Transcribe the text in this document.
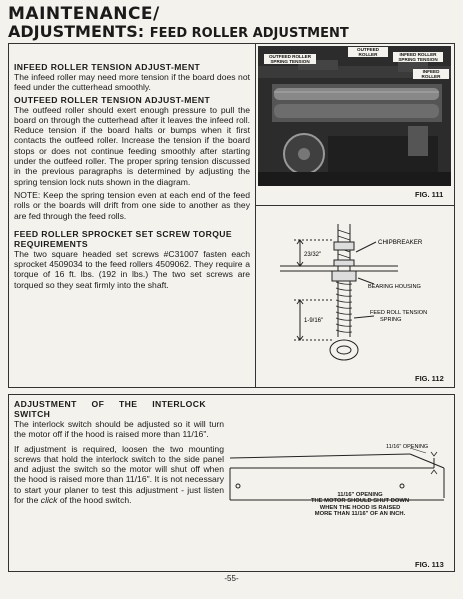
MAINTENANCE/
ADJUSTMENTS: FEED ROLLER ADJUSTMENT
INFEED ROLLER TENSION ADJUST-MENT

The infeed roller may need more tension if the board does not feed under the cutterhead smoothly.

OUTFEED ROLLER TENSION ADJUST-MENT

The outfeed roller should exert enough pressure to pull the board on through the cutterhead after it leaves the infeed roll. Reduce tension if the board halts or bumps when it first contacts the outfeed roller. Increase the tension if the board stops or does not continue feeding smoothly after starting under the outfeed roller. The proper spring tension discussed in the previous paragraphs is determined by adjusting the spring tension lock nuts shown in the diagram.

NOTE: Keep the spring tension even at each end of the feed rolls or the boards will drift from one side to another as they are fed through the feed rolls.

FEED ROLLER SPROCKET SET SCREW TORQUE REQUIREMENTS

The two square headed set screws #C31007 fasten each sprocket 4509034 to the feed rollers 4509062. They require a torque of 16 ft. lbs. (192 in lbs.) The two set screws are torqued so they seat firmly into the shaft.

OUTFEED ROLLER
OUTFEED ROLLER SPRING TENSION
INFEED ROLLER SPRING TENSION
INFEED ROLLER
FIG. 111
23/32"
CHIPBREAKER
BEARING HOUSING
1-9/16"
FEED ROLL TENSION
SPRING
FIG. 112
ADJUSTMENT OF THE INTERLOCK SWITCH

The interlock switch should be adjusted so it will turn the motor off if the hood is raised more than 11/16".

If adjustment is required, loosen the two mounting screws that hold the interlock switch to the side panel and adjust the switch so the motor will shut off when the hood is raised more than 11/16". It is not necessary to start your planer to test this adjustment - just listen for the click of the hood switch.

11/16" OPENING
11/16" OPENING
THE MOTOR SHOULD SHUT DOWN
WHEN THE HOOD IS RAISED
MORE THAN 11/16" OF AN INCH.
FIG. 113
-55-
